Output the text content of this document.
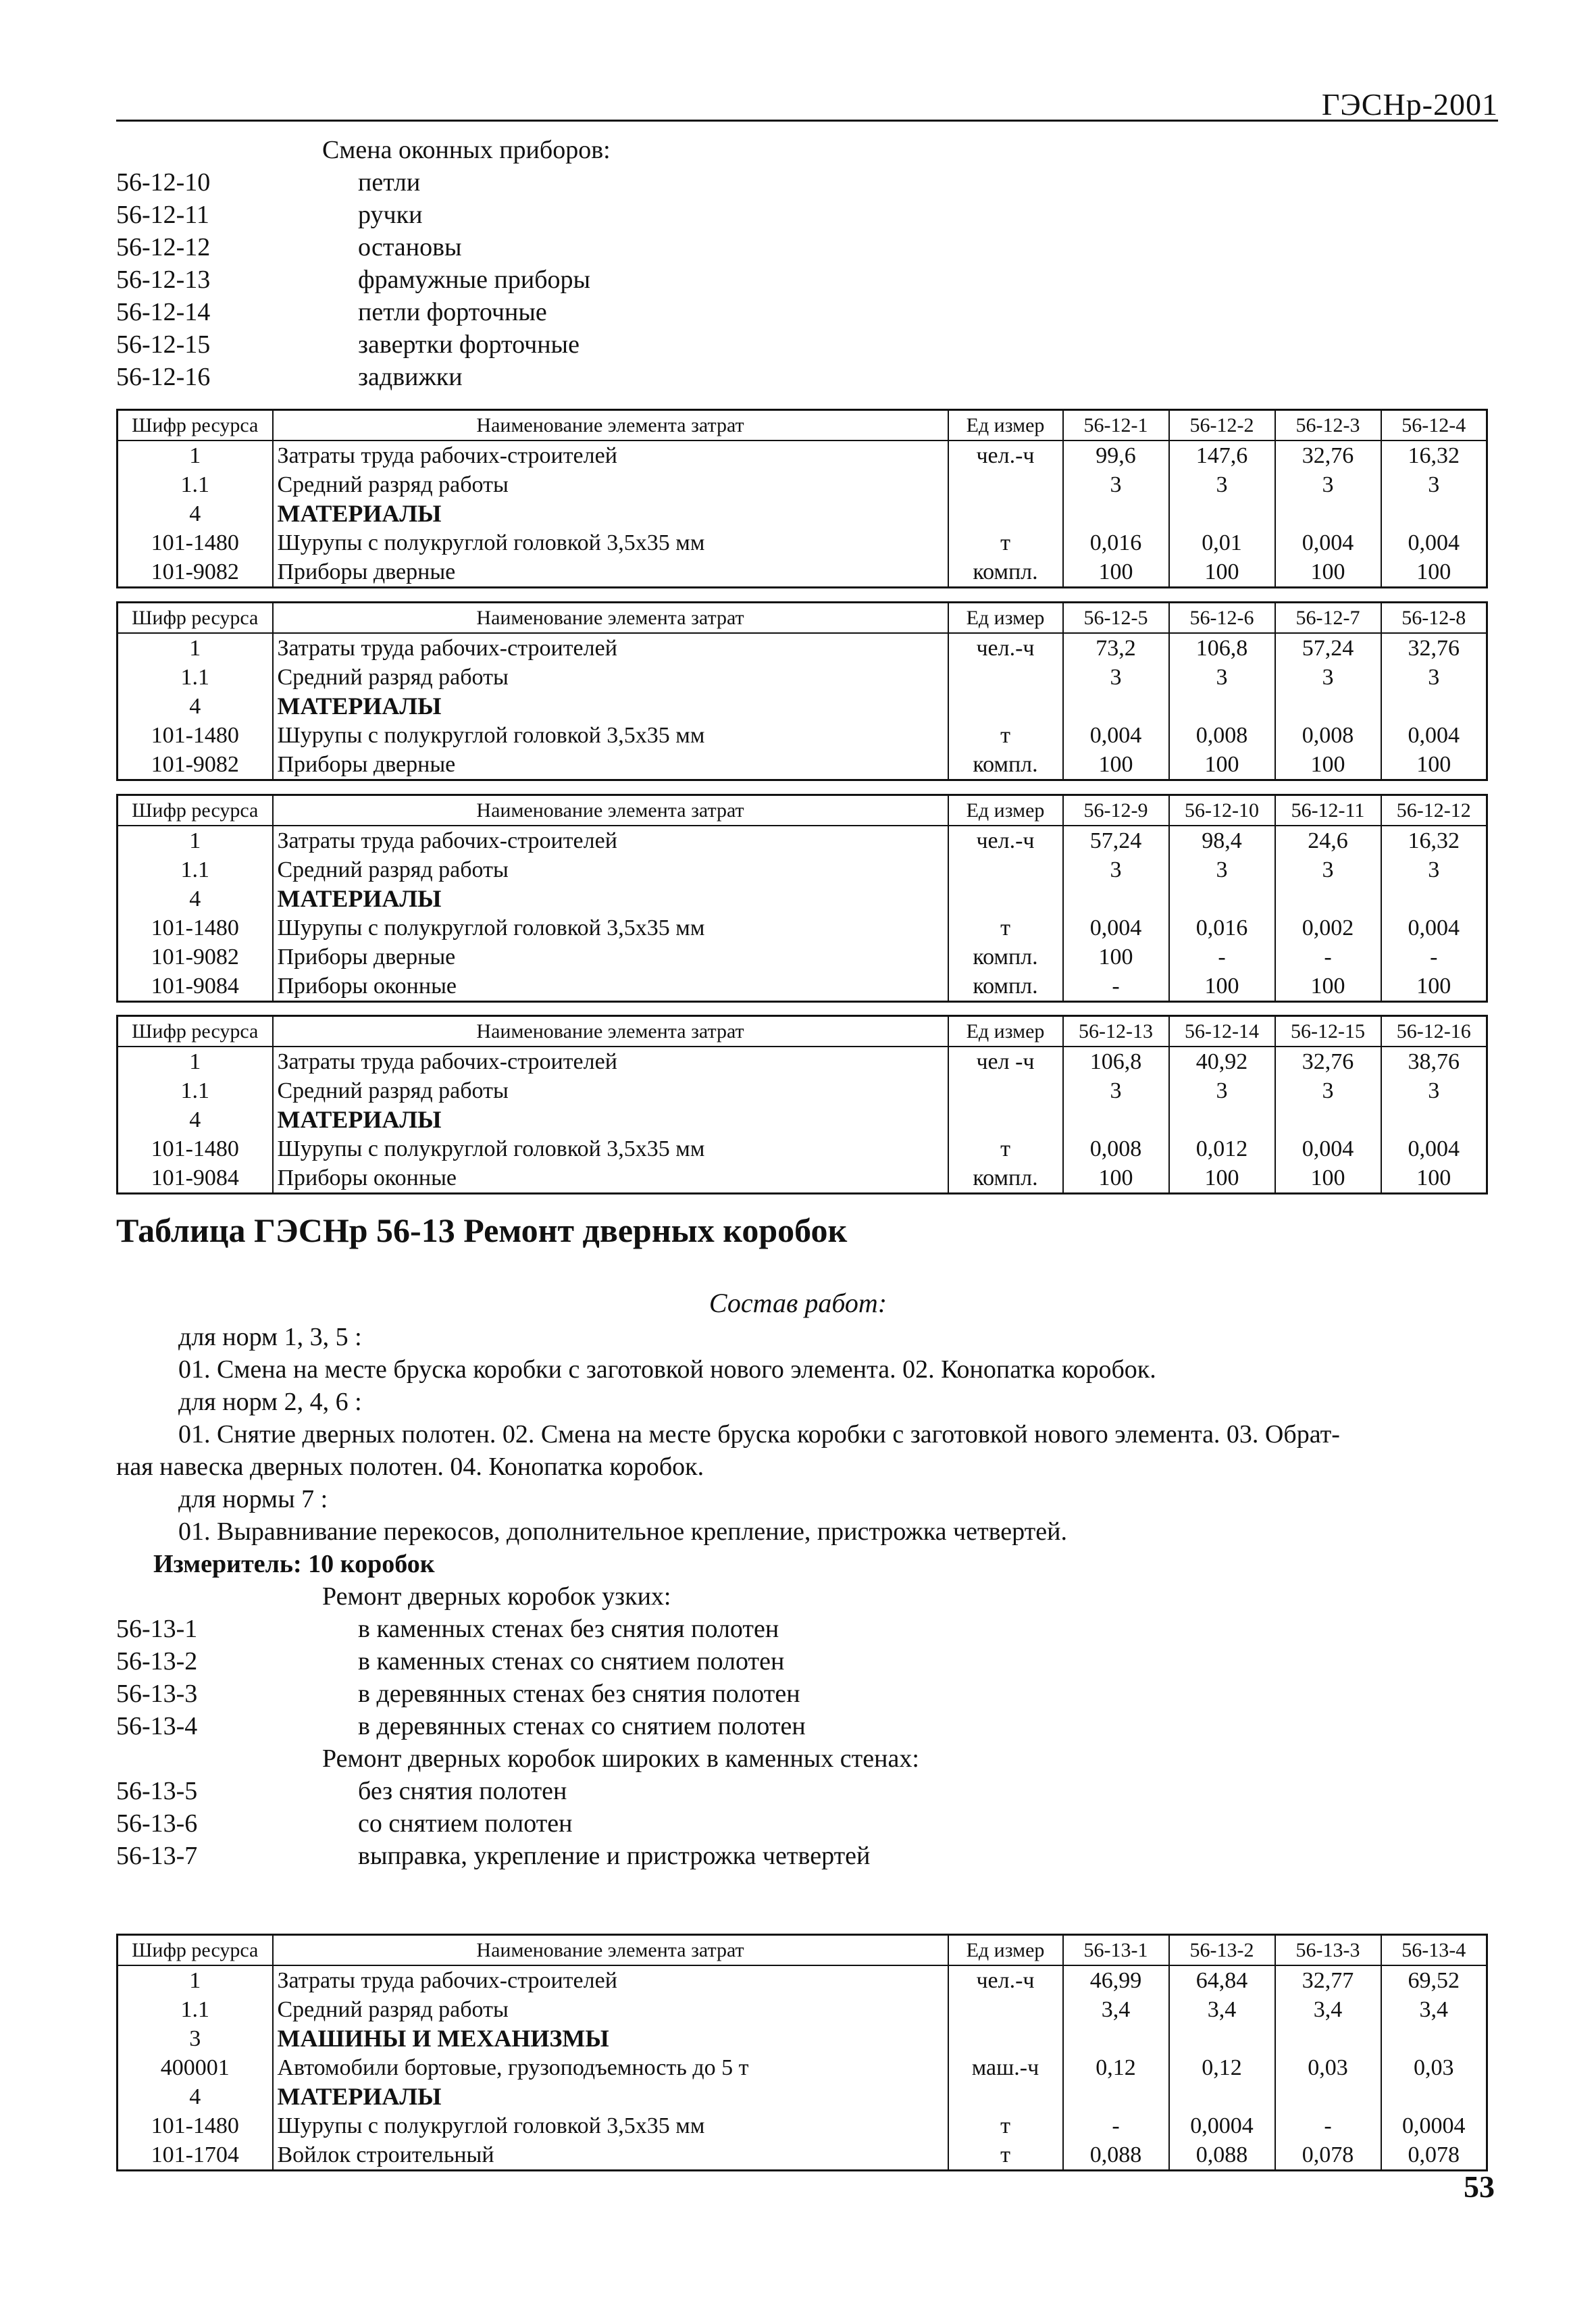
ГЭСНр-2001
Смена оконных приборов:
56-12-10	петли
56-12-11	ручки
56-12-12	остановы
56-12-13	фрамужные приборы
56-12-14	петли форточные
56-12-15	завертки форточные
56-12-16	задвижки
Шифр ресурса	Наименование элемента затрат	Ед измер	56-12-1	56-12-2	56-12-3	56-12-4
1	Затраты труда рабочих-строителей	чел.-ч	99,6	147,6	32,76	16,32
1.1	Средний разряд работы		3	3	3	3
4	МАТЕРИАЛЫ					
101-1480	Шурупы с полукруглой головкой 3,5х35 мм	т	0,016	0,01	0,004	0,004
101-9082	Приборы дверные	компл.	100	100	100	100
Шифр ресурса	Наименование элемента затрат	Ед измер	56-12-5	56-12-6	56-12-7	56-12-8
1	Затраты труда рабочих-строителей	чел.-ч	73,2	106,8	57,24	32,76
1.1	Средний разряд работы		3	3	3	3
4	МАТЕРИАЛЫ					
101-1480	Шурупы с полукруглой головкой 3,5х35 мм	т	0,004	0,008	0,008	0,004
101-9082	Приборы дверные	компл.	100	100	100	100
Шифр ресурса	Наименование элемента затрат	Ед измер	56-12-9	56-12-10	56-12-11	56-12-12
1	Затраты труда рабочих-строителей	чел.-ч	57,24	98,4	24,6	16,32
1.1	Средний разряд работы		3	3	3	3
4	МАТЕРИАЛЫ					
101-1480	Шурупы с полукруглой головкой 3,5х35 мм	т	0,004	0,016	0,002	0,004
101-9082	Приборы дверные	компл.	100	-	-	-
101-9084	Приборы оконные	компл.	-	100	100	100
Шифр ресурса	Наименование элемента затрат	Ед измер	56-12-13	56-12-14	56-12-15	56-12-16
1	Затраты труда рабочих-строителей	чел -ч	106,8	40,92	32,76	38,76
1.1	Средний разряд работы		3	3	3	3
4	МАТЕРИАЛЫ					
101-1480	Шурупы с полукруглой головкой 3,5х35 мм	т	0,008	0,012	0,004	0,004
101-9084	Приборы оконные	компл.	100	100	100	100
Шифр ресурса	Наименование элемента затрат	Ед измер	56-13-1	56-13-2	56-13-3	56-13-4
1	Затраты труда рабочих-строителей	чел.-ч	46,99	64,84	32,77	69,52
1.1	Средний разряд работы		3,4	3,4	3,4	3,4
3	МАШИНЫ И МЕХАНИЗМЫ					
400001	Автомобили бортовые, грузоподъемность до 5 т	маш.-ч	0,12	0,12	0,03	0,03
4	МАТЕРИАЛЫ					
101-1480	Шурупы с полукруглой головкой 3,5х35 мм	т	-	0,0004	-	0,0004
101-1704	Войлок строительный	т	0,088	0,088	0,078	0,078
Таблица ГЭСНр 56-13 Ремонт дверных коробок
Состав работ:
для норм 1, 3, 5 :
01. Смена на месте бруска коробки с заготовкой нового элемента. 02. Конопатка коробок.
для норм 2, 4, 6 :
01. Снятие дверных полотен. 02. Смена на месте бруска коробки с заготовкой нового элемента. 03. Обрат-
ная навеска дверных полотен. 04. Конопатка коробок.
для нормы 7 :
01. Выравнивание перекосов, дополнительное крепление, пристрожка четвертей.
Измеритель: 10 коробок
Ремонт дверных коробок узких:
56-13-1	в каменных стенах без снятия полотен
56-13-2	в каменных стенах со снятием полотен
56-13-3	в деревянных стенах без снятия полотен
56-13-4	в деревянных стенах со снятием полотен
Ремонт дверных коробок широких в каменных стенах:
56-13-5	без снятия полотен
56-13-6	со снятием полотен
56-13-7	выправка, укрепление и пристрожка четвертей
53
